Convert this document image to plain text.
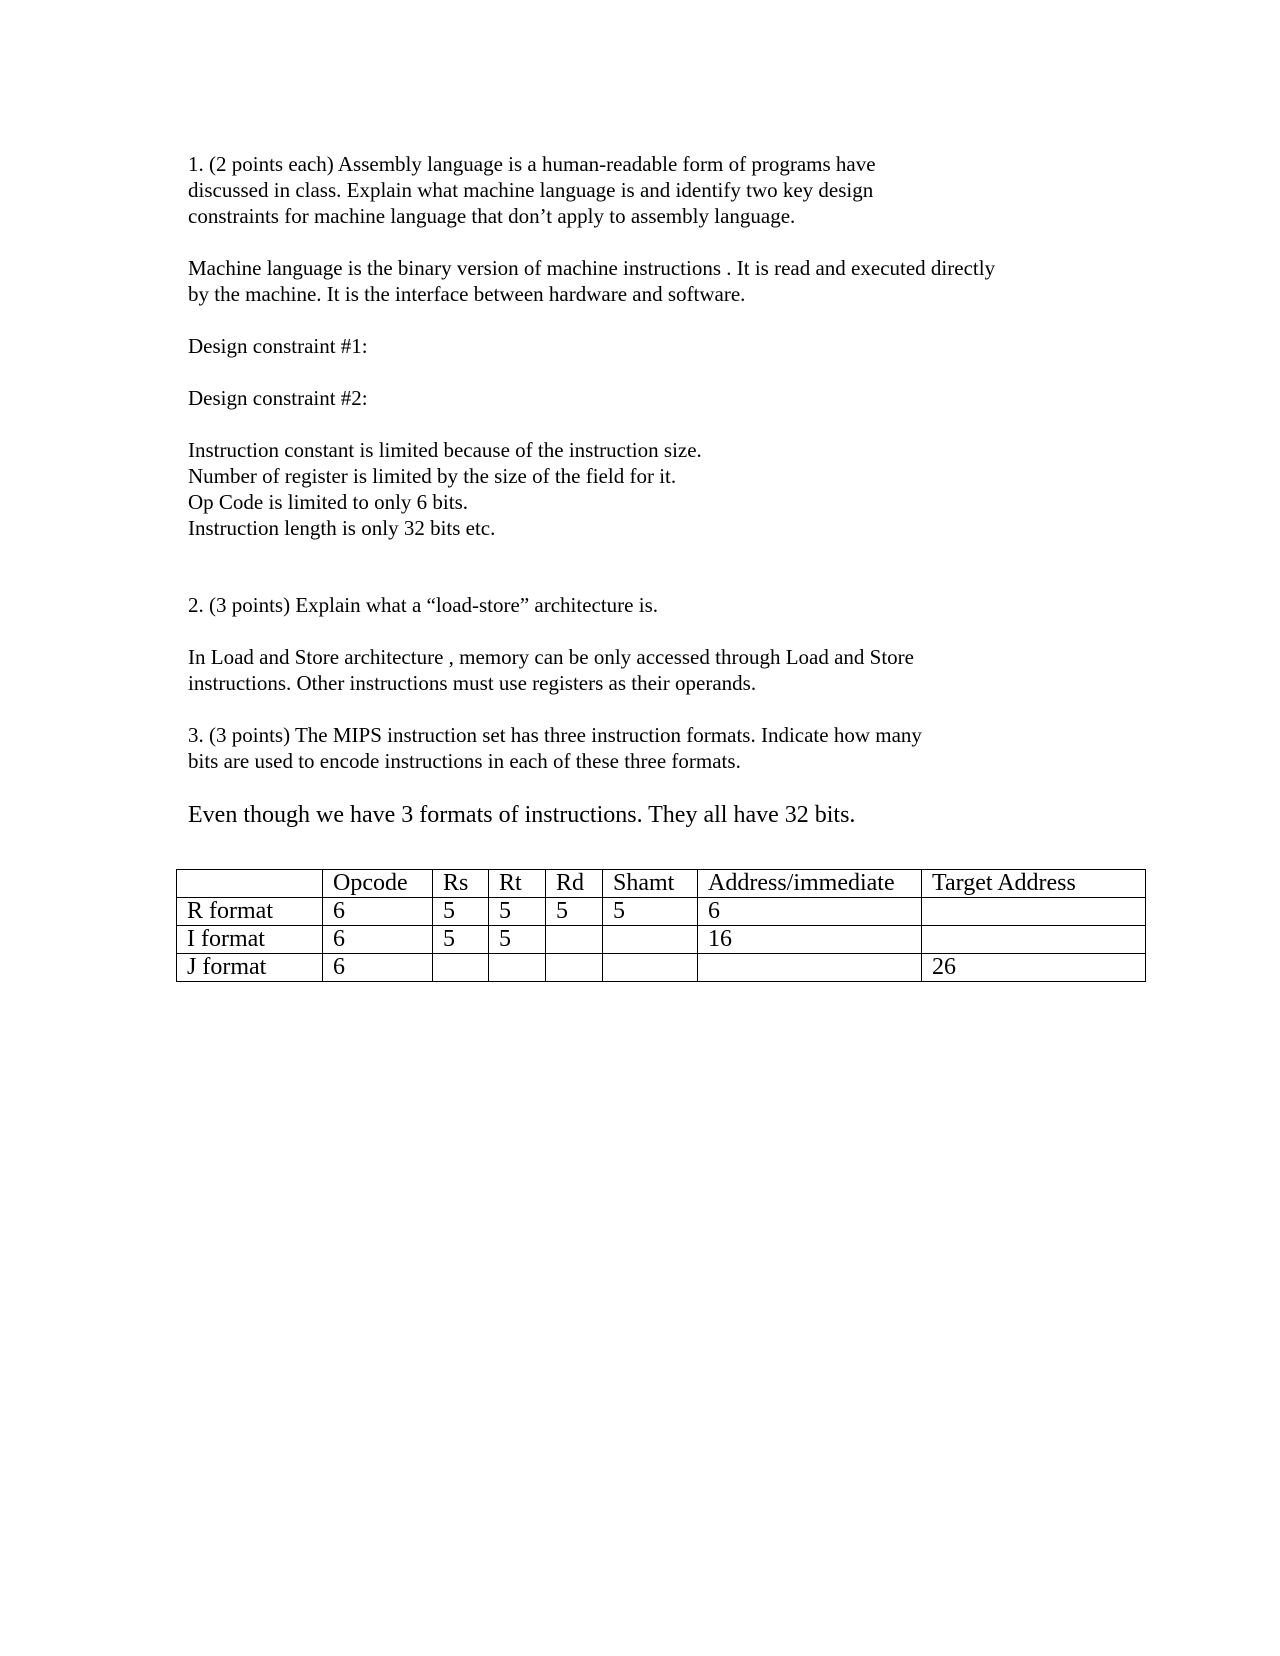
1. (2 points each) Assembly language is a human-readable form of programs have
discussed in class. Explain what machine language is and identify two key design
constraints for machine language that don’t apply to assembly language.
Machine language is the binary version of machine instructions . It is read and executed directly
by the machine. It is the interface between hardware and software.
Design constraint #1:
Design constraint #2:
Instruction constant is limited because of the instruction size.
Number of register is limited by the size of the field for it.
Op Code is limited to only 6 bits.
Instruction length is only 32 bits etc.
2. (3 points) Explain what a “load-store” architecture is.
In Load and Store architecture , memory can be only accessed through Load and Store
instructions. Other instructions must use registers as their operands.
3. (3 points) The MIPS instruction set has three instruction formats. Indicate how many
bits are used to encode instructions in each of these three formats.
Even though we have 3 formats of instructions. They all have 32 bits.
	Opcode	Rs	Rt	Rd	Shamt	Address/immediate	Target Address
R format	6	5	5	5	5	6	
I format	6	5	5			16	
J format	6						26
